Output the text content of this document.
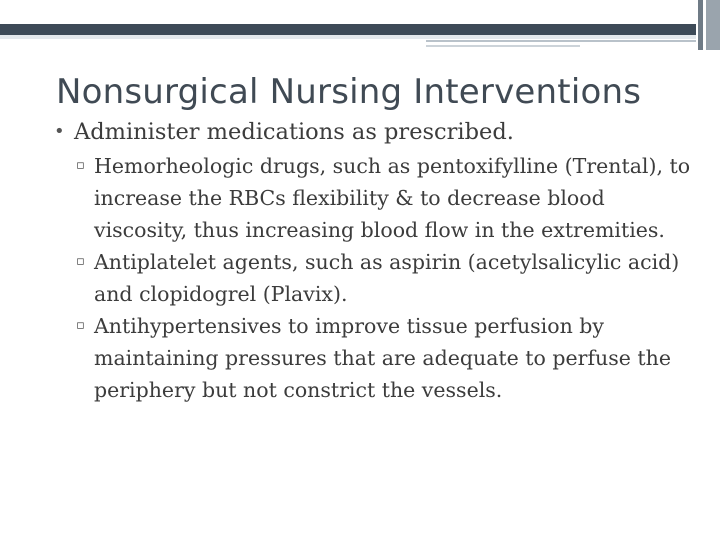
Nonsurgical Nursing Interventions
• Administer medications as prescribed.
▫ Hemorheologic drugs, such as pentoxifylline (Trental), to increase the RBCs flexibility & to decrease blood viscosity, thus increasing blood flow in the extremities.
▫ Antiplatelet agents, such as aspirin (acetylsalicylic acid) and clopidogrel (Plavix).
▫ Antihypertensives to improve tissue perfusion by maintaining pressures that are adequate to perfuse the periphery but not constrict the vessels.
